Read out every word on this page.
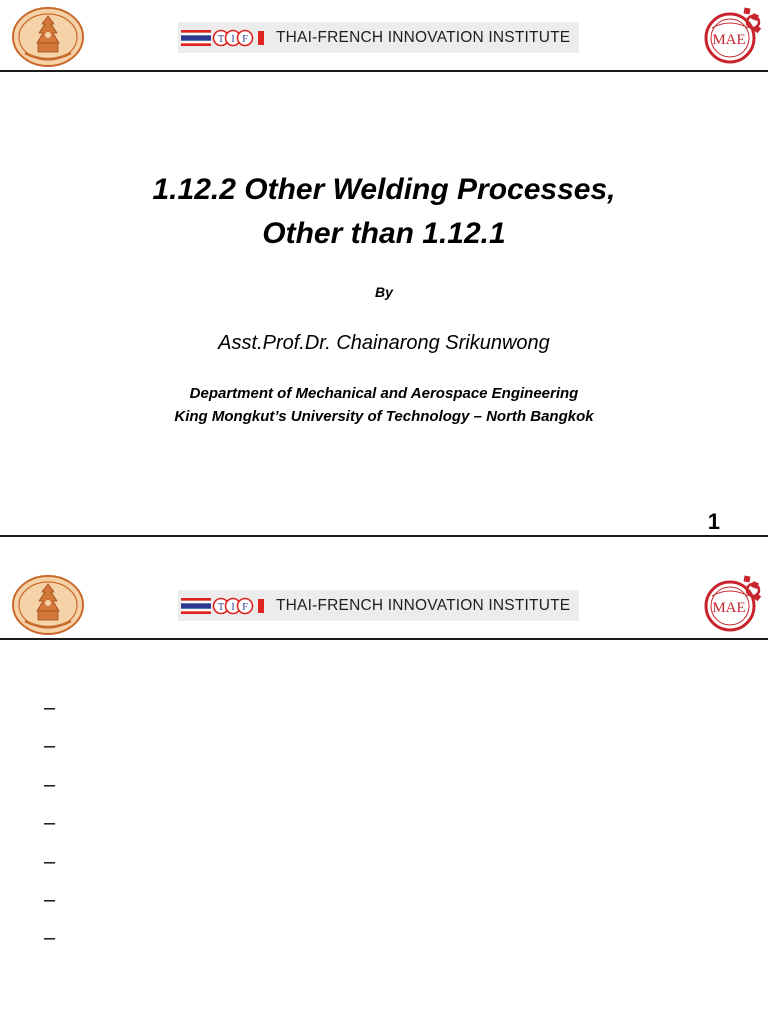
T I F THAI-FRENCH INNOVATION INSTITUTE	MAE
1.12.2 Other Welding Processes,
Other than 1.12.1
By
Asst.Prof.Dr. Chainarong Srikunwong
Department of Mechanical and Aerospace Engineering
King Mongkut’s University of Technology – North Bangkok
1
T I F THAI-FRENCH INNOVATION INSTITUTE	MAE
–
–
–
–
–
–
–
